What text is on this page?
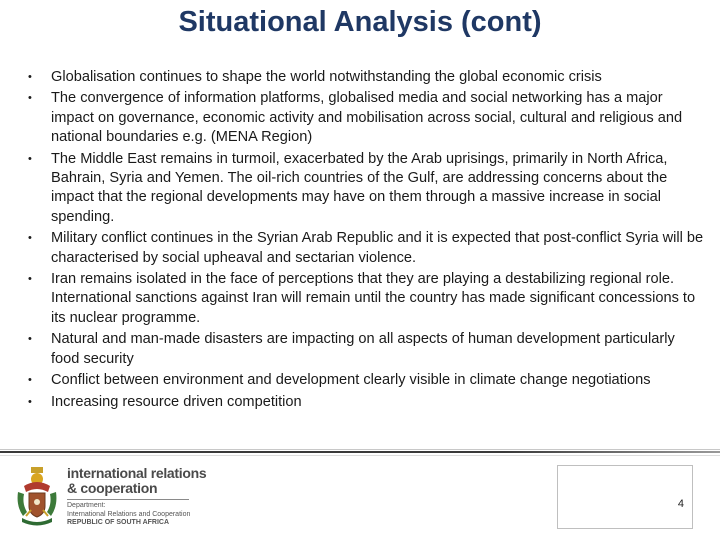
Situational Analysis (cont)
• Globalisation continues to shape the world notwithstanding the global economic crisis
• The convergence of information platforms, globalised media and social networking has a major impact on governance, economic activity and mobilisation across social, cultural and religious and national boundaries e.g. (MENA Region)
• The Middle East remains in turmoil, exacerbated by the Arab uprisings, primarily in North Africa, Bahrain, Syria and Yemen. The oil-rich countries of the Gulf, are addressing concerns about the impact that the regional developments may have on them through a massive increase in social spending.
• Military conflict continues in the Syrian Arab Republic and it is expected that post-conflict Syria will be characterised by social upheaval and sectarian violence.
• Iran remains isolated in the face of perceptions that they are playing a destabilizing regional role. International sanctions against Iran will remain until the country has made significant concessions to its nuclear programme.
• Natural and man-made disasters are impacting on all aspects of human development particularly food security
• Conflict between environment and development clearly visible in climate change negotiations
• Increasing resource driven competition
international relations
& cooperation
Department:
International Relations and Cooperation
REPUBLIC OF SOUTH AFRICA
4
